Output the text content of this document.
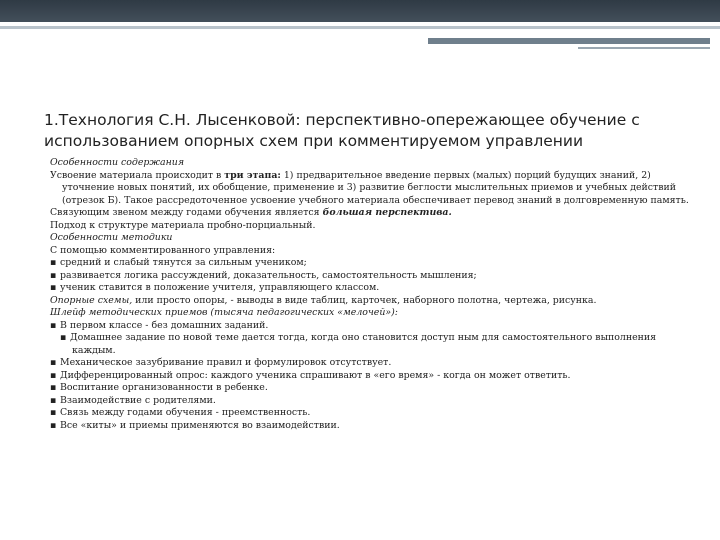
1.Технология С.Н. Лысенковой: перспективно-опережающее обучение с использованием опорных схем при комментируемом управлении

Особенности содержания

Усвоение материала происходит в три этапа: 1) предварительное введение первых (малых) порций будущих знаний, 2) уточнение новых понятий, их обобщение, применение и 3) развитие беглости мыслительных приемов и учебных действий (отрезок Б). Такое рассредоточенное усвоение учебного материала обеспечивает перевод знаний в долговременную память.

Связующим звеном между годами обучения является большая перспектива.

Подход к структуре материала пробно-порциальный.

Особенности методики

С помощью комментированного управления:

▪ средний и слабый тянутся за сильным учеником;

▪ развивается логика рассуждений, доказательность, самостоятельность мышления;

▪ ученик ставится в положение учителя, управляющего классом.

Опорные схемы, или просто опоры, - выводы в виде таблиц, карточек, наборного полотна, чертежа, рисунка.

Шлейф методических приемов (тысяча педагогических «мелочей»):

▪ В первом классе - без домашних заданий.

▪ Домашнее задание по новой теме дается тогда, когда оно становится доступ ным для самостоятельного выполнения каждым.

▪ Механическое зазубривание правил и формулировок отсутствует.

▪ Дифференцированный опрос: каждого ученика спрашивают в «его время» - когда он может ответить.

▪ Воспитание организованности в ребенке.

▪ Взаимодействие с родителями.

▪ Связь между годами обучения - преемственность.

▪ Все «киты» и приемы применяются во взаимодействии.
